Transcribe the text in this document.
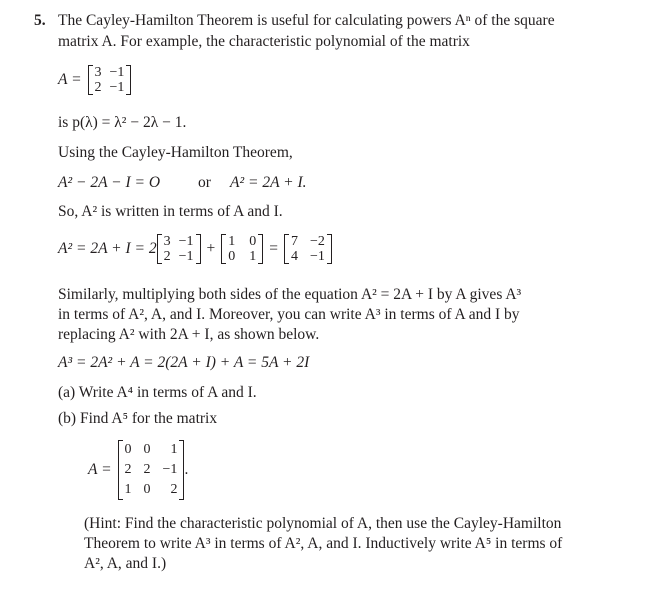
5. The Cayley-Hamilton Theorem is useful for calculating powers Aⁿ of the square
matrix A. For example, the characteristic polynomial of the matrix
A = 3 −1
2 −1
is p(λ) = λ² − 2λ − 1.
Using the Cayley-Hamilton Theorem,
A² − 2A − I = O or A² = 2A + I.
So, A² is written in terms of A and I.
A² = 2A + I = 2 3 −1
2 −1 + 1 0
0 1 = 7 −2
4 −1
Similarly, multiplying both sides of the equation A² = 2A + I by A gives A³
in terms of A², A, and I. Moreover, you can write A³ in terms of A and I by
replacing A² with 2A + I, as shown below.
A³ = 2A² + A = 2(2A + I) + A = 5A + 2I
(a) Write A⁴ in terms of A and I.
(b) Find A⁵ for the matrix
A =
0 0	1
2 2 −1
1 0	2
.
(Hint: Find the characteristic polynomial of A, then use the Cayley-Hamilton
Theorem to write A³ in terms of A², A, and I. Inductively write A⁵ in terms of
A², A, and I.)
